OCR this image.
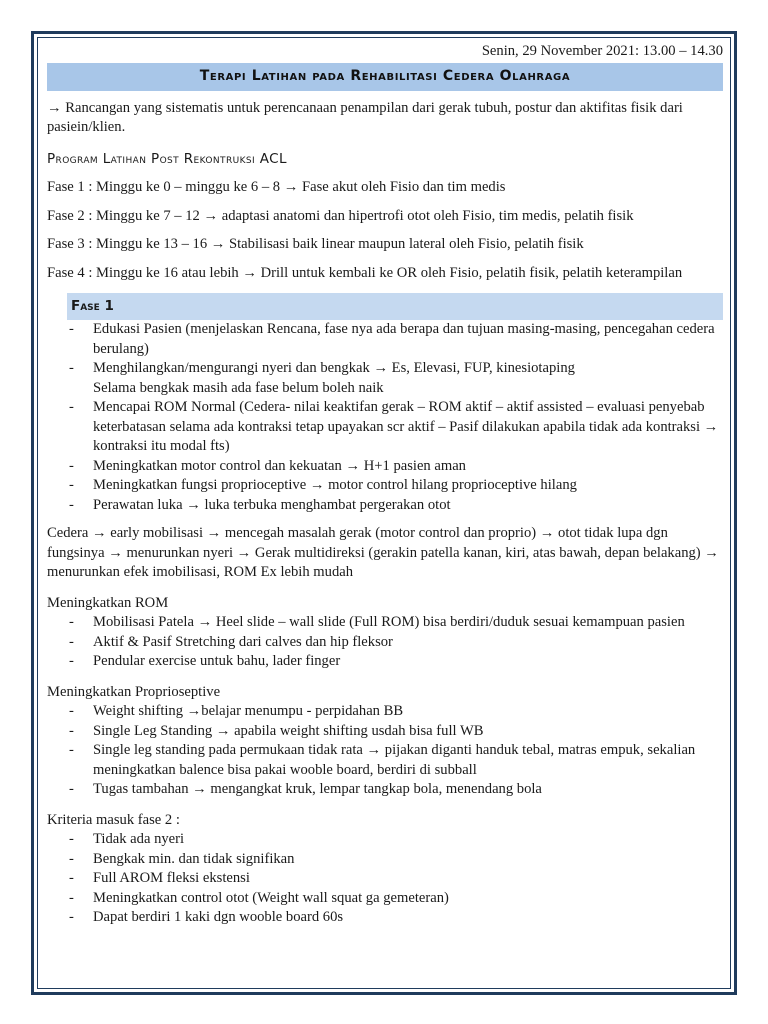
Senin, 29 November 2021: 13.00 – 14.30

Terapi Latihan pada Rehabilitasi Cedera Olahraga

→ Rancangan yang sistematis untuk perencanaan penampilan dari gerak tubuh, postur dan aktifitas fisik dari pasiein/klien.

Program Latihan Post Rekontruksi ACL

Fase 1 : Minggu ke 0 – minggu ke 6 – 8 → Fase akut oleh Fisio dan tim medis

Fase 2 : Minggu ke 7 – 12 → adaptasi anatomi dan hipertrofi otot oleh Fisio, tim medis, pelatih fisik

Fase 3 : Minggu ke 13 – 16 → Stabilisasi baik linear maupun lateral oleh Fisio, pelatih fisik

Fase 4 : Minggu ke 16 atau lebih → Drill untuk kembali ke OR oleh Fisio, pelatih fisik, pelatih keterampilan

Fase 1
- Edukasi Pasien (menjelaskan Rencana, fase nya ada berapa dan tujuan masing-masing, pencegahan cedera berulang)
- Menghilangkan/mengurangi nyeri dan bengkak → Es, Elevasi, FUP, kinesiotaping
Selama bengkak masih ada fase belum boleh naik
- Mencapai ROM Normal (Cedera- nilai keaktifan gerak – ROM aktif – aktif assisted – evaluasi penyebab keterbatasan selama ada kontraksi tetap upayakan scr aktif – Pasif dilakukan apabila tidak ada kontraksi → kontraksi itu modal fts)
- Meningkatkan motor control dan kekuatan → H+1 pasien aman
- Meningkatkan fungsi proprioceptive → motor control hilang proprioceptive hilang
- Perawatan luka → luka terbuka menghambat pergerakan otot

Cedera → early mobilisasi → mencegah masalah gerak (motor control dan proprio) → otot tidak lupa dgn fungsinya → menurunkan nyeri → Gerak multidireksi (gerakin patella kanan, kiri, atas bawah, depan belakang) → menurunkan efek imobilisasi, ROM Ex lebih mudah

Meningkatkan ROM

- Mobilisasi Patela → Heel slide – wall slide (Full ROM) bisa berdiri/duduk sesuai kemampuan pasien
- Aktif & Pasif Stretching dari calves dan hip fleksor
- Pendular exercise untuk bahu, lader finger

Meningkatkan Proprioseptive

- Weight shifting →belajar menumpu - perpidahan BB
- Single Leg Standing → apabila weight shifting usdah bisa full WB
- Single leg standing pada permukaan tidak rata → pijakan diganti handuk tebal, matras empuk, sekalian meningkatkan balence bisa pakai wooble board, berdiri di subball
- Tugas tambahan → mengangkat kruk, lempar tangkap bola, menendang bola

Kriteria masuk fase 2 :

- Tidak ada nyeri
- Bengkak min. dan tidak signifikan
- Full AROM fleksi ekstensi
- Meningkatkan control otot (Weight wall squat ga gemeteran)
- Dapat berdiri 1 kaki dgn wooble board 60s
